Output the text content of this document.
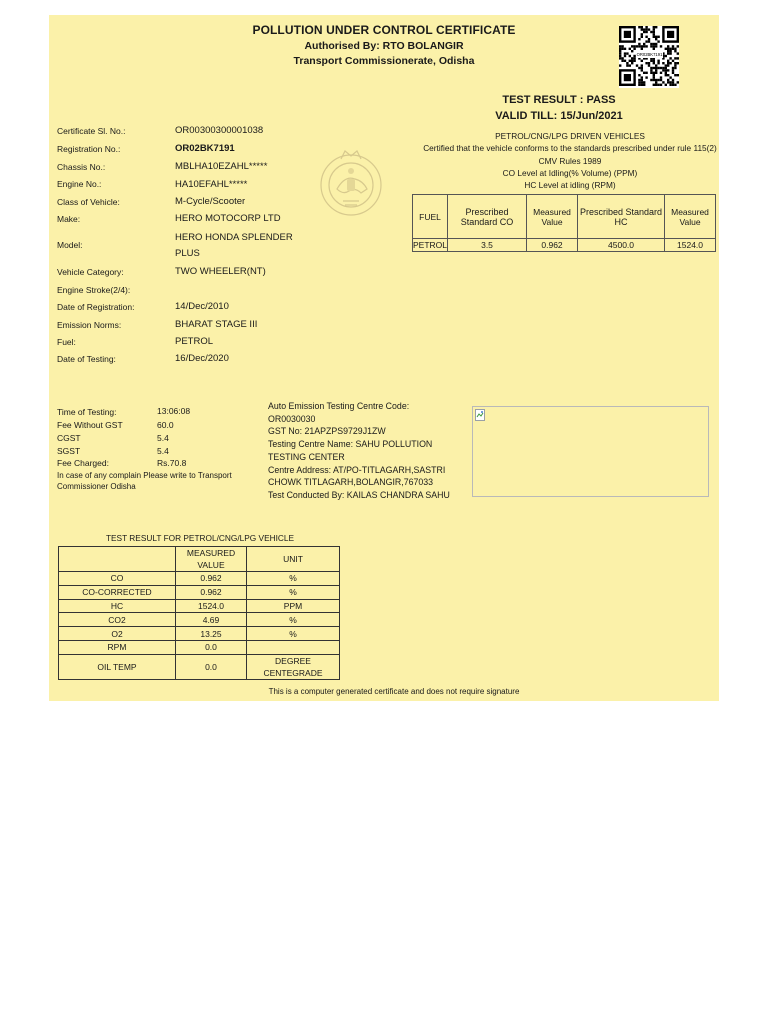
POLLUTION UNDER CONTROL CERTIFICATE
Authorised By: RTO BOLANGIR
Transport Commissionerate, Odisha
OR02BK7191
TEST RESULT : PASS
VALID TILL: 15/Jun/2021
Certificate Sl. No.:	OR00300300001038
Registration No.:	OR02BK7191
Chassis No.:	MBLHA10EZAHL*****
Engine No.:	HA10EFAHL*****
Class of Vehicle:	M-Cycle/Scooter
Make:	HERO MOTOCORP LTD
Model:
HERO HONDA SPLENDER
PLUS
Vehicle Category:	TWO WHEELER(NT)
Engine Stroke(2/4):
Date of Registration:	14/Dec/2010
Emission Norms:	BHARAT STAGE III
Fuel:	PETROL
Date of Testing:	16/Dec/2020
PETROL/CNG/LPG DRIVEN VEHICLES
Certified that the vehicle conforms to the standards prescribed under rule 115(2)
CMV Rules 1989
CO Level at Idling(% Volume) (PPM)
HC Level at idling (RPM)
FUEL	Prescribed Standard CO	Measured Value	Prescribed Standard HC	Measured Value
PETROL	3.5	0.962	4500.0	1524.0
Time of Testing:	13:06:08
Fee Without GST	60.0
CGST	5.4
SGST	5.4
Fee Charged:	Rs.70.8
In case of any complain Please write to Transport Commissioner Odisha
Auto Emission Testing Centre Code:
OR0030030
GST No: 21APZPS9729J1ZW
Testing Centre Name: SAHU POLLUTION TESTING CENTER
Centre Address: AT/PO-TITLAGARH,SASTRI CHOWK TITLAGARH,BOLANGIR,767033
Test Conducted By: KAILAS CHANDRA SAHU
TEST RESULT FOR PETROL/CNG/LPG VEHICLE
	MEASURED VALUE	UNIT
CO	0.962	%
CO-CORRECTED	0.962	%
HC	1524.0	PPM
CO2	4.69	%
O2	13.25	%
RPM	0.0	
OIL TEMP	0.0	DEGREE CENTEGRADE
This is a computer generated certificate and does not require signature
